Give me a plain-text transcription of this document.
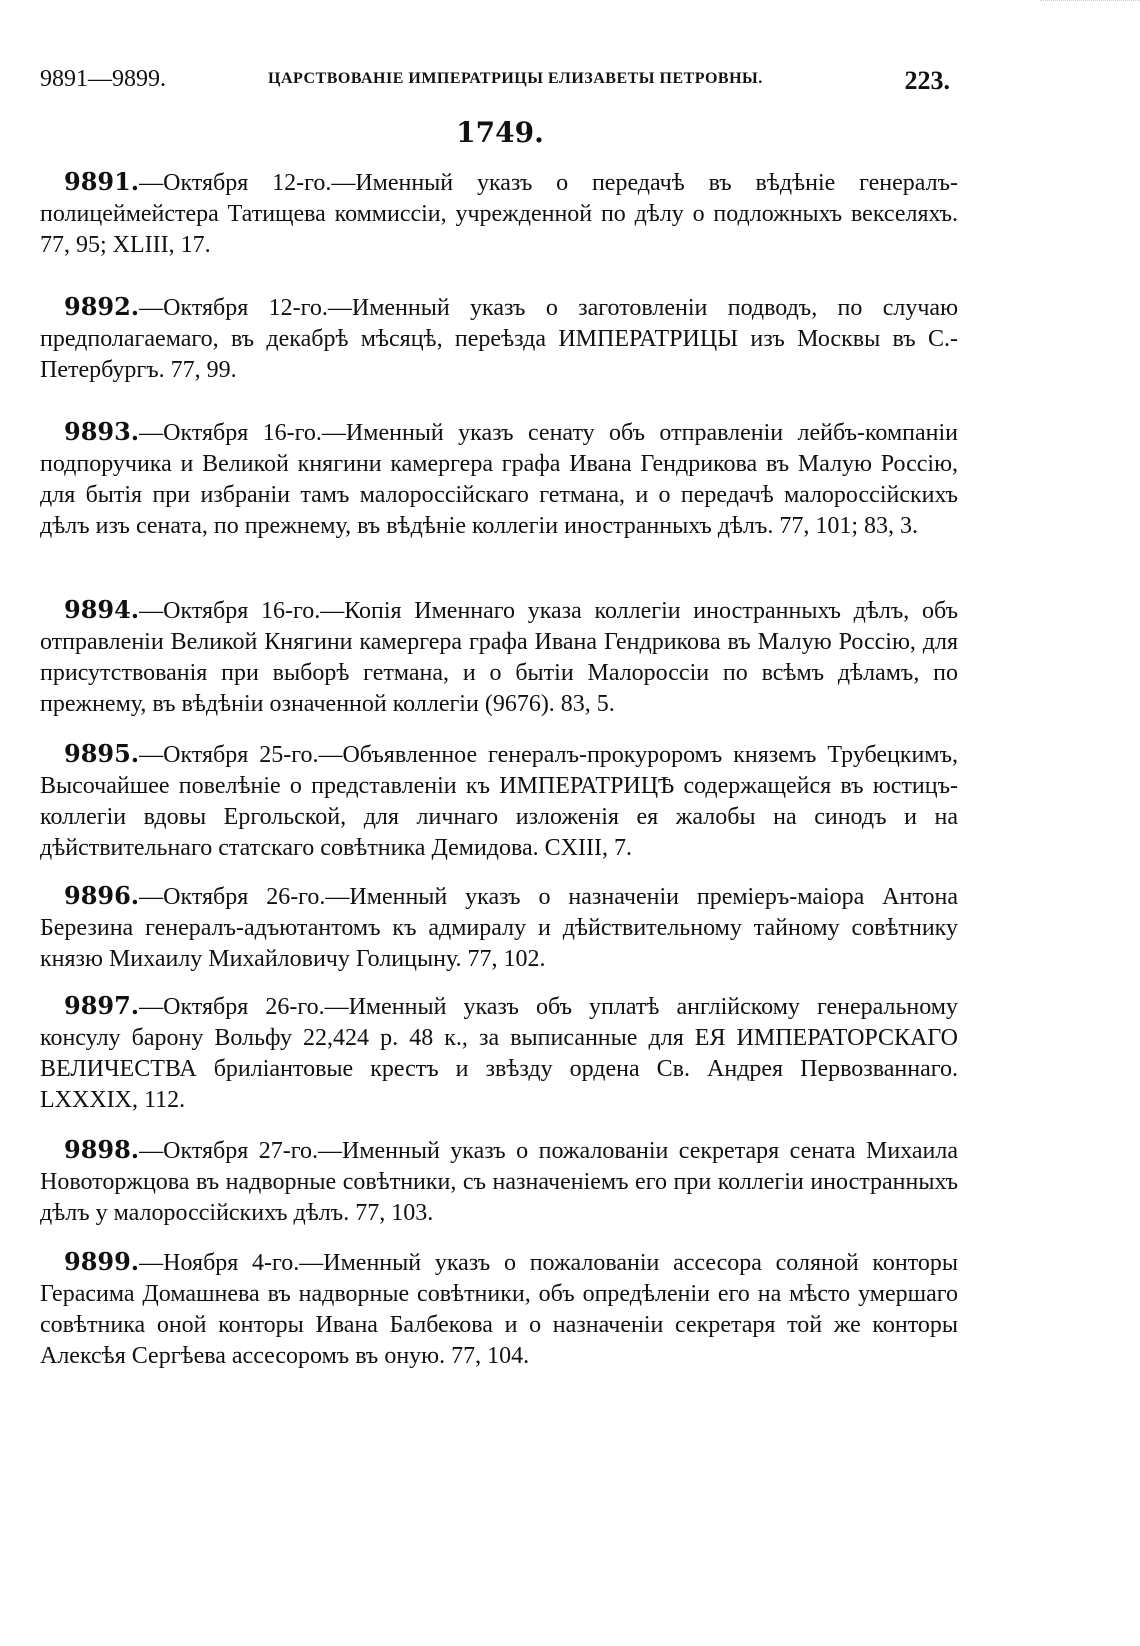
9891—9899.	ЦАРСТВОВАНІЕ ИМПЕРАТРИЦЫ ЕЛИЗАВЕТЫ ПЕТРОВНЫ.	223.
1749.

9891.—Октября 12-го.—Именный указъ о передачѣ въ вѣдѣніе генералъ-полицеймейстера Татищева коммиссіи, учрежденной по дѣлу о подложныхъ векселяхъ. 77, 95; XLIII, 17.

9892.—Октября 12-го.—Именный указъ о заготовленіи подводъ, по случаю предполагаемаго, въ декабрѣ мѣсяцѣ, переѣзда ИМПЕРАТРИЦЫ изъ Москвы въ С.-Петербургъ. 77, 99.

9893.—Октября 16-го.—Именный указъ сенату объ отправленіи лейбъ-компаніи подпоручика и Великой княгини камергера графа Ивана Гендрикова въ Малую Россію, для бытія при избраніи тамъ малороссійскаго гетмана, и о передачѣ малороссійскихъ дѣлъ изъ сената, по прежнему, въ вѣдѣніе коллегіи иностранныхъ дѣлъ. 77, 101; 83, 3.

9894.—Октября 16-го.—Копія Именнаго указа коллегіи иностранныхъ дѣлъ, объ отправленіи Великой Княгини камергера графа Ивана Гендрикова въ Малую Россію, для присутствованія при выборѣ гетмана, и о бытіи Малороссіи по всѣмъ дѣламъ, по прежнему, въ вѣдѣніи означенной коллегіи (9676). 83, 5.

9895.—Октября 25-го.—Объявленное генералъ-прокуроромъ княземъ Трубецкимъ, Высочайшее повелѣніе о представленіи къ ИМПЕРАТРИЦѢ содержащейся въ юстицъ-коллегіи вдовы Ергольской, для личнаго изложенія ея жалобы на синодъ и на дѣйствительнаго статскаго совѣтника Демидова. CXIII, 7.

9896.—Октября 26-го.—Именный указъ о назначеніи преміеръ-маіора Антона Березина генералъ-адъютантомъ къ адмиралу и дѣйствительному тайному совѣтнику князю Михаилу Михайловичу Голицыну. 77, 102.

9897.—Октября 26-го.—Именный указъ объ уплатѣ англійскому генеральному консулу барону Вольфу 22,424 р. 48 к., за выписанные для ЕЯ ИМПЕРАТОРСКАГО ВЕЛИЧЕСТВА бриліантовые крестъ и звѣзду ордена Св. Андрея Первозваннаго. LXXXIX, 112.

9898.—Октября 27-го.—Именный указъ о пожалованіи секретаря сената Михаила Новоторжцова въ надворные совѣтники, съ назначеніемъ его при коллегіи иностранныхъ дѣлъ у малороссійскихъ дѣлъ. 77, 103.

9899.—Ноября 4-го.—Именный указъ о пожалованіи ассесора соляной конторы Герасима Домашнева въ надворные совѣтники, объ опредѣленіи его на мѣсто умершаго совѣтника оной конторы Ивана Балбекова и о назначеніи секретаря той же конторы Алексѣя Сергѣева ассесоромъ въ оную. 77, 104.
